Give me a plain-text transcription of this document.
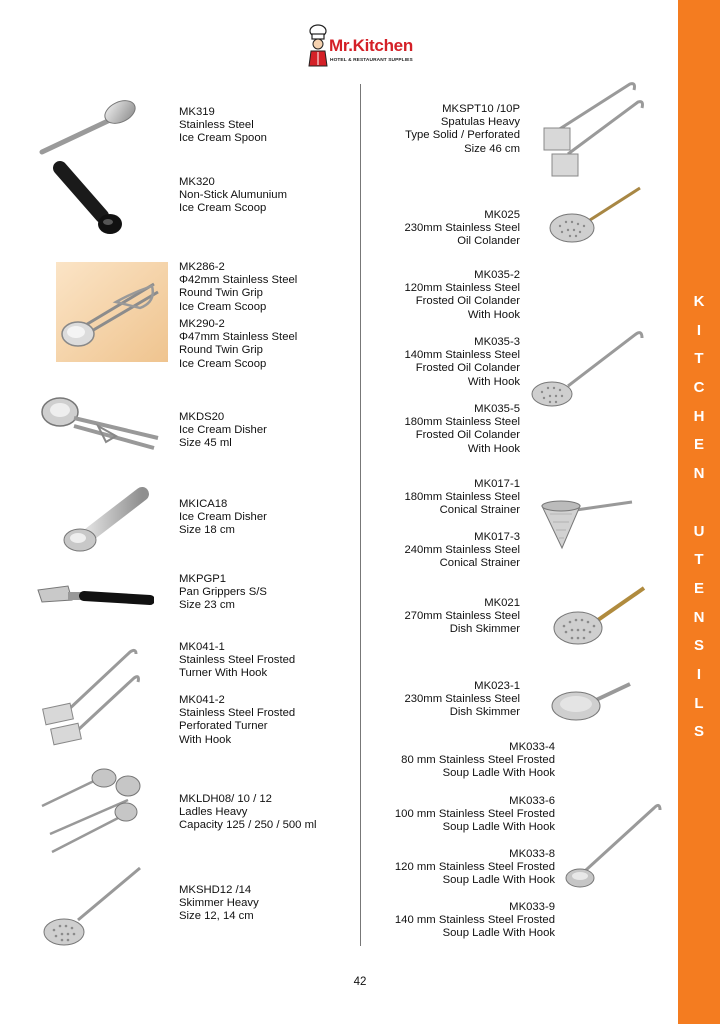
Mr.Kitchen
HOTEL & RESTAURANT SUPPLIES
MK319
Stainless Steel
Ice Cream Spoon
MK320
Non-Stick Alumunium
Ice Cream Scoop
MK286-2
Φ42mm Stainless Steel
Round Twin Grip
Ice Cream Scoop
MK290-2
Φ47mm Stainless Steel
Round Twin Grip
Ice Cream Scoop
MKDS20
Ice Cream Disher
Size 45 ml
MKICA18
Ice Cream Disher
Size 18 cm
MKPGP1
Pan Grippers S/S
Size 23 cm
MK041-1
Stainless Steel Frosted
Turner With Hook
MK041-2
Stainless Steel Frosted
Perforated Turner
With Hook
MKLDH08/ 10 / 12
Ladles Heavy
Capacity 125 / 250 / 500 ml
MKSHD12 /14
Skimmer Heavy
Size 12, 14 cm
MKSPT10 /10P
Spatulas Heavy
Type Solid / Perforated
Size 46 cm
MK025
230mm Stainless Steel
Oil Colander
MK035-2
120mm Stainless Steel
Frosted Oil Colander
With Hook
MK035-3
140mm Stainless Steel
Frosted Oil Colander
With Hook
MK035-5
180mm Stainless Steel
Frosted Oil Colander
With Hook
MK017-1
180mm Stainless Steel
Conical Strainer
MK017-3
240mm Stainless Steel
Conical Strainer
MK021
270mm Stainless Steel
Dish Skimmer
MK023-1
230mm Stainless Steel
Dish Skimmer
MK033-4
80 mm Stainless Steel Frosted
Soup Ladle With Hook
MK033-6
100 mm Stainless Steel Frosted
Soup Ladle With Hook
MK033-8
120 mm Stainless Steel Frosted
Soup Ladle With Hook
MK033-9
140 mm Stainless Steel Frosted
Soup Ladle With Hook
42
K
I
T
C
H
E
N
U
T
E
N
S
I
L
S
